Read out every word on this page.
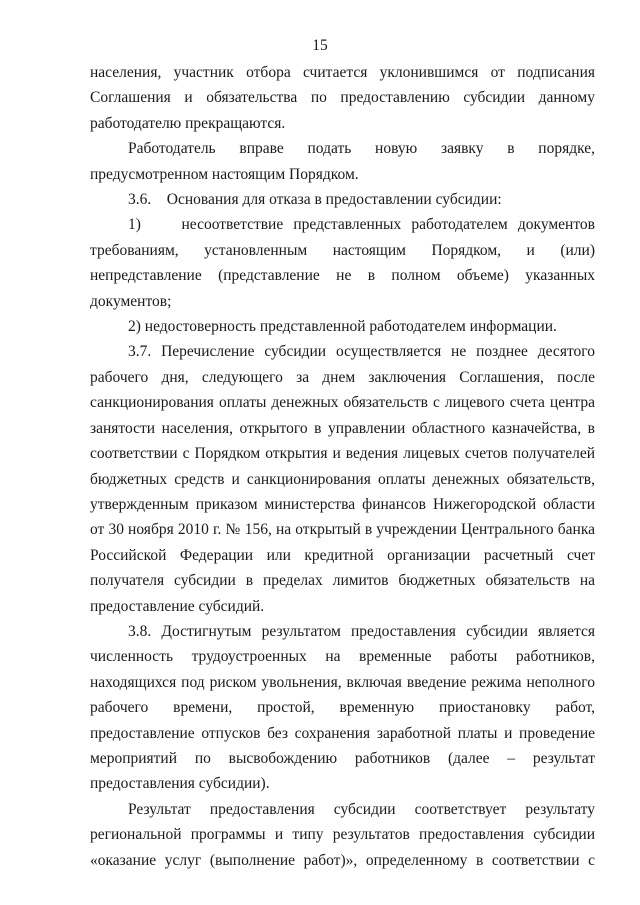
15

населения, участник отбора считается уклонившимся от подписания Соглашения и обязательства по предоставлению субсидии данному работодателю прекращаются.

Работодатель вправе подать новую заявку в порядке, предусмотренном настоящим Порядком.

3.6.    Основания для отказа в предоставлении субсидии:

1)    несоответствие представленных работодателем документов требованиям, установленным настоящим Порядком, и (или) непредставление (представление не в полном объеме) указанных документов;

2) недостоверность представленной работодателем информации.

3.7. Перечисление субсидии осуществляется не позднее десятого рабочего дня, следующего за днем заключения Соглашения, после санкционирования оплаты денежных обязательств с лицевого счета центра занятости населения, открытого в управлении областного казначейства, в соответствии с Порядком открытия и ведения лицевых счетов получателей бюджетных средств и санкционирования оплаты денежных обязательств, утвержденным приказом министерства финансов Нижегородской области от 30 ноября 2010 г. № 156, на открытый в учреждении Центрального банка Российской Федерации или кредитной организации расчетный счет получателя субсидии в пределах лимитов бюджетных обязательств на предоставление субсидий.

3.8. Достигнутым результатом предоставления субсидии является численность трудоустроенных на временные работы работников, находящихся под риском увольнения, включая введение режима неполного рабочего времени, простой, временную приостановку работ, предоставление отпусков без сохранения заработной платы и проведение мероприятий по высвобождению работников (далее – результат предоставления субсидии).

Результат предоставления субсидии соответствует результату региональной программы и типу результатов предоставления субсидии «оказание услуг (выполнение работ)», определенному в соответствии с
